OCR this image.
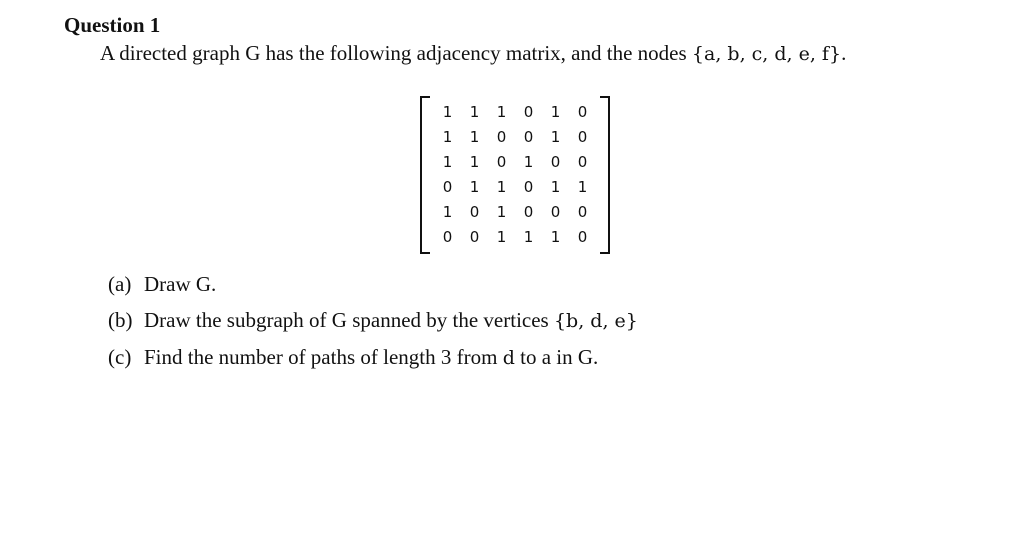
Question 1
A directed graph G has the following adjacency matrix, and the nodes {a, b, c, d, e, f}.
1	1	1	0	1	0
1	1	0	0	1	0
1	1	0	1	0	0
0	1	1	0	1	1
1	0	1	0	0	0
0	0	1	1	1	0
(a) Draw G.
(b) Draw the subgraph of G spanned by the vertices {b, d, e}
(c) Find the number of paths of length 3 from d to a in G.
